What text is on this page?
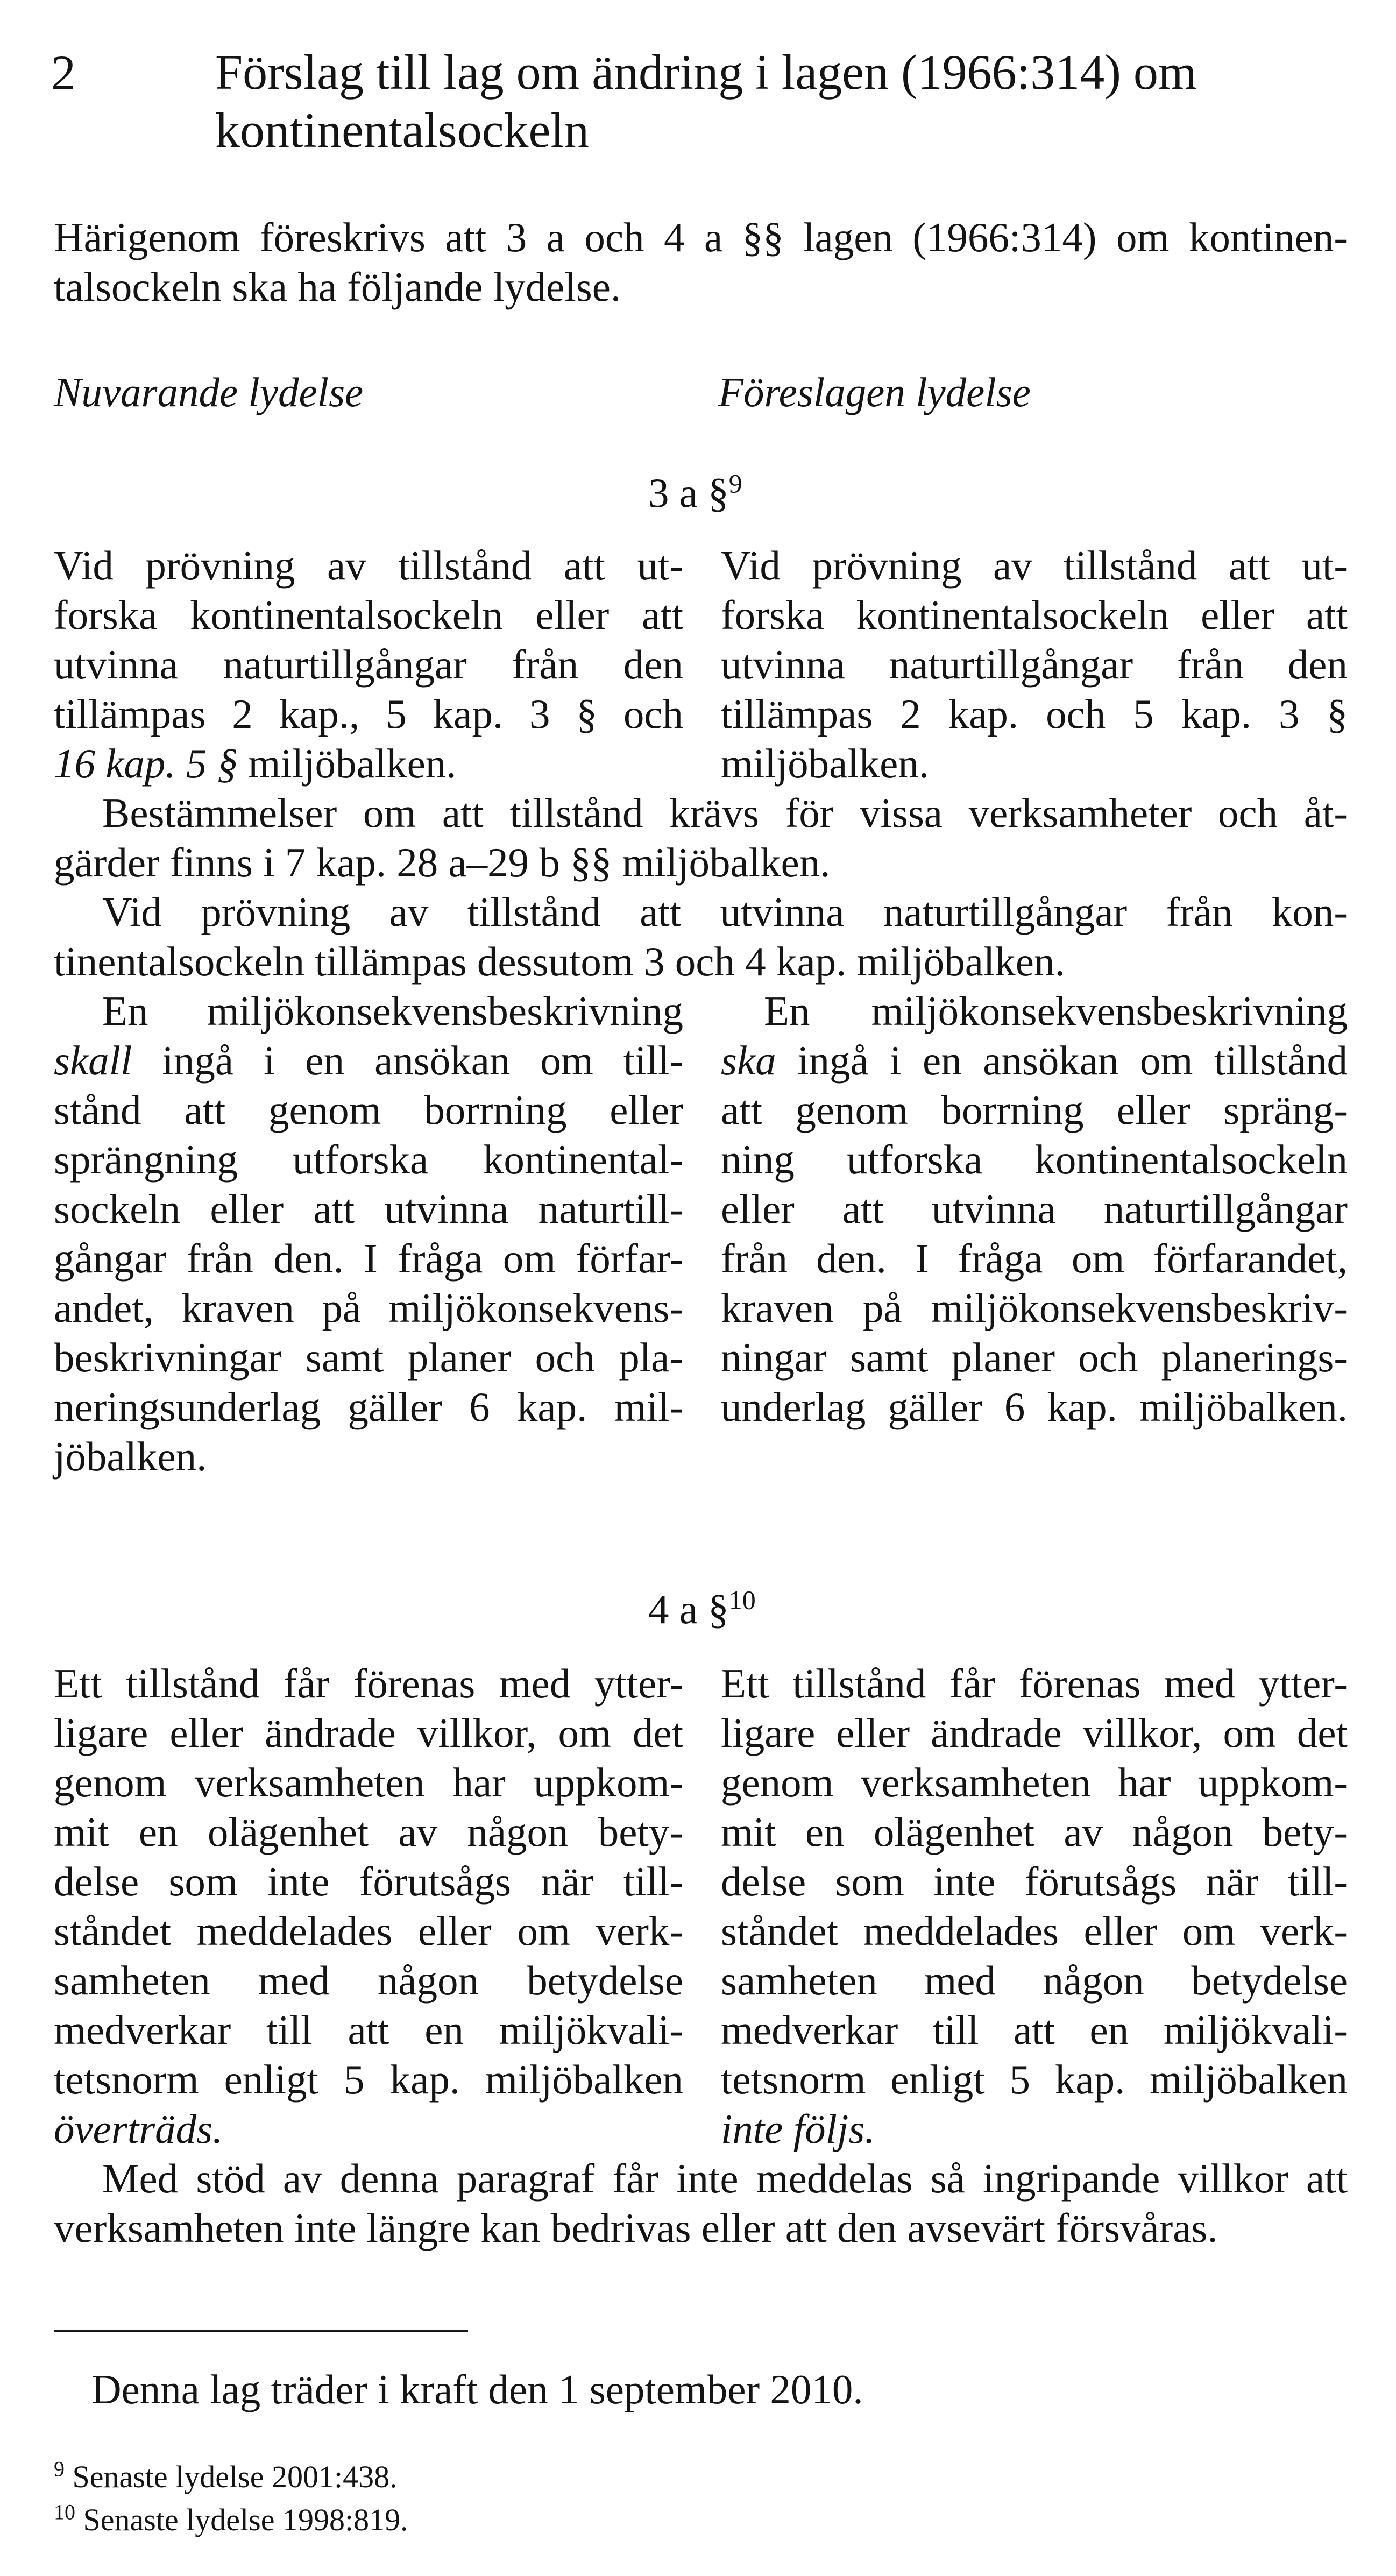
2	Förslag till lag om ändring i lagen (1966:314) om
kontinentalsockeln
Härigenom föreskrivs att 3 a och 4 a §§ lagen (1966:314) om kontinen-
talsockeln ska ha följande lydelse.
Nuvarande lydelse	Föreslagen lydelse
3 a §$^9$
Vid prövning av tillstånd att ut-
forska kontinentalsockeln eller att
utvinna naturtillgångar från den
tillämpas 2 kap., 5 kap. 3 § och
16 kap. 5 § miljöbalken.
Vid prövning av tillstånd att ut-
forska kontinentalsockeln eller att
utvinna naturtillgångar från den
tillämpas 2 kap. och 5 kap. 3 §
miljöbalken.
Bestämmelser om att tillstånd krävs för vissa verksamheter och åt-
gärder finns i 7 kap. 28 a–29 b §§ miljöbalken.
Vid prövning av tillstånd att utvinna naturtillgångar från kon-
tinentalsockeln tillämpas dessutom 3 och 4 kap. miljöbalken.
En miljökonsekvensbeskrivning
skall ingå i en ansökan om till-
stånd att genom borrning eller
sprängning utforska kontinental-
sockeln eller att utvinna naturtill-
gångar från den. I fråga om förfar-
andet, kraven på miljökonsekvens-
beskrivningar samt planer och pla-
neringsunderlag gäller 6 kap. mil-
jöbalken.
En miljökonsekvensbeskrivning
ska ingå i en ansökan om tillstånd
att genom borrning eller spräng-
ning utforska kontinentalsockeln
eller att utvinna naturtillgångar
från den. I fråga om förfarandet,
kraven på miljökonsekvensbeskriv-
ningar samt planer och planerings-
underlag gäller 6 kap. miljöbalken.
4 a §$^{10}$
Ett tillstånd får förenas med ytter-
ligare eller ändrade villkor, om det
genom verksamheten har uppkom-
mit en olägenhet av någon bety-
delse som inte förutsågs när till-
ståndet meddelades eller om verk-
samheten med någon betydelse
medverkar till att en miljökvali-
tetsnorm enligt 5 kap. miljöbalken
överträds.
Ett tillstånd får förenas med ytter-
ligare eller ändrade villkor, om det
genom verksamheten har uppkom-
mit en olägenhet av någon bety-
delse som inte förutsågs när till-
ståndet meddelades eller om verk-
samheten med någon betydelse
medverkar till att en miljökvali-
tetsnorm enligt 5 kap. miljöbalken
inte följs.
Med stöd av denna paragraf får inte meddelas så ingripande villkor att
verksamheten inte längre kan bedrivas eller att den avsevärt försvåras.
Denna lag träder i kraft den 1 september 2010.
$^9$ Senaste lydelse 2001:438.
$^{10}$ Senaste lydelse 1998:819.
